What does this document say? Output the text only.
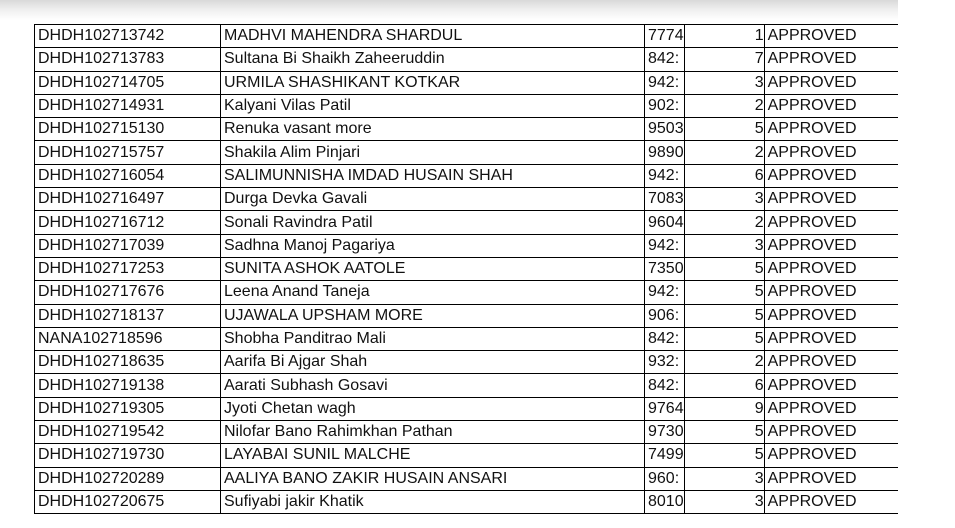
DHDH102713742	MADHVI MAHENDRA SHARDUL	7774	1	APPROVED
DHDH102713783	Sultana Bi Shaikh Zaheeruddin	842:	7	APPROVED
DHDH102714705	URMILA SHASHIKANT KOTKAR	942:	3	APPROVED
DHDH102714931	Kalyani Vilas Patil	902:	2	APPROVED
DHDH102715130	Renuka vasant more	9503	5	APPROVED
DHDH102715757	Shakila Alim Pinjari	9890	2	APPROVED
DHDH102716054	SALIMUNNISHA IMDAD HUSAIN SHAH	942:	6	APPROVED
DHDH102716497	Durga Devka Gavali	7083	3	APPROVED
DHDH102716712	Sonali Ravindra Patil	9604	2	APPROVED
DHDH102717039	Sadhna Manoj Pagariya	942:	3	APPROVED
DHDH102717253	SUNITA ASHOK AATOLE	7350	5	APPROVED
DHDH102717676	Leena Anand Taneja	942:	5	APPROVED
DHDH102718137	UJAWALA UPSHAM MORE	906:	5	APPROVED
NANA102718596	Shobha Panditrao Mali	842:	5	APPROVED
DHDH102718635	Aarifa Bi Ajgar Shah	932:	2	APPROVED
DHDH102719138	Aarati Subhash Gosavi	842:	6	APPROVED
DHDH102719305	Jyoti Chetan wagh	9764	9	APPROVED
DHDH102719542	Nilofar Bano Rahimkhan Pathan	9730	5	APPROVED
DHDH102719730	LAYABAI SUNIL MALCHE	7499	5	APPROVED
DHDH102720289	AALIYA BANO ZAKIR HUSAIN ANSARI	960:	3	APPROVED
DHDH102720675	Sufiyabi jakir Khatik	8010	3	APPROVED
